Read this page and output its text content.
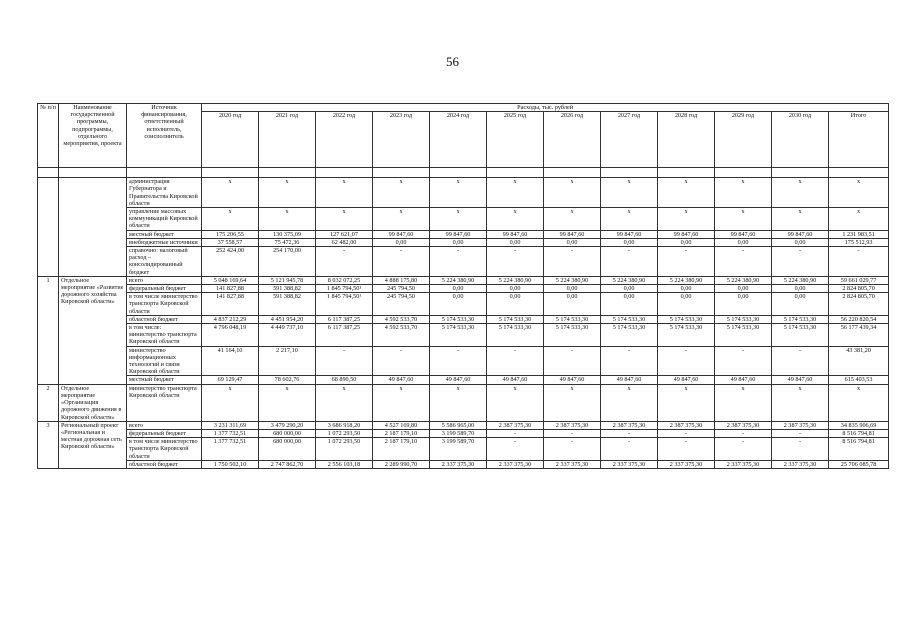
56
№ п/п	Наименование государственной программы, подпрограммы, отдельного мероприятия, проекта	Источник финансирования, ответственный исполнитель, соисполнитель	Расходы, тыс. рублей											
			2020 год	2021 год	2022 год	2023 год	2024 год	2025 год	2026 год	2027 год	2028 год	2029 год	2030 год	Итого

		администрация Губернатора и Правительства Кировской области	x	x	x	x	x	x	x	x	x	x	x	x
		управление массовых коммуникаций Кировской области	x	x	x	x	x	x	x	x	x	x	x	x
		местный бюджет	175 206,55	130 375,09	127 621,07	99 847,60	99 847,60	99 847,60	99 847,60	99 847,60	99 847,60	99 847,60	99 847,60	1 231 983,51
		внебюджетные источники	37 558,57	75 472,36	62 482,00	0,00	0,00	0,00	0,00	0,00	0,00	0,00	0,00	175 512,93
		справочно: налоговый расход – консолидированный бюджет	252 424,00	254 170,00	-	-	-	-	-	-	-	-	-	-
1	Отдельное мероприятие «Развитие дорожного хозяйства Кировской области»	всего	5 048 169,64	5 121 945,78	8 032 072,25	4 888 175,80	5 224 380,90	5 224 380,90	5 224 380,90	5 224 380,90	5 224 380,90	5 224 380,90	5 224 380,90	59 661 029,77
		федеральный бюджет	141 827,88	591 388,82	1 845 794,50¹	245 794,50	0,00	0,00	0,00	0,00	0,00	0,00	0,00	2 824 805,70
		в том числе министерство транспорта Кировской области	141 827,88	591 388,82	1 845 794,50¹	245 794,50	0,00	0,00	0,00	0,00	0,00	0,00	0,00	2 824 805,70
		областной бюджет	4 837 212,29	4 451 954,20	6 117 387,25	4 592 533,70	5 174 533,30	5 174 533,30	5 174 533,30	5 174 533,30	5 174 533,30	5 174 533,30	5 174 533,30	56 220 820,54
		в том числе: министерство транспорта Кировской области	4 796 048,19	4 449 737,10	6 117 387,25	4 592 533,70	5 174 533,30	5 174 533,30	5 174 533,30	5 174 533,30	5 174 533,30	5 174 533,30	5 174 533,30	56 177 439,34
		министерство информационных технологий и связи Кировской области	41 164,10	2 217,10	-	-	-	-	-	-	-	-	-	43 381,20
		местный бюджет	69 129,47	78 602,76	68 890,50	49 847,60	49 847,60	49 847,60	49 847,60	49 847,60	49 847,60	49 847,60	49 847,60	615 403,53
2	Отдельное мероприятие «Организация дорожного движения в Кировской области»	министерство транспорта Кировской области	x	x	x	x	x	x	x	x	x	x	x	x
3	Региональный проект «Региональная и местная дорожная сеть Кировской области»	всего	3 231 311,69	3 479 290,20	3 686 918,20	4 527 169,80	5 586 965,00	2 387 375,30	2 387 375,30	2 387 375,30	2 387 375,30	2 387 375,30	2 387 375,30	34 835 906,69
		федеральный бюджет	1 377 732,51	680 000,00	1 072 293,50	2 187 179,10	3 199 589,70	-	-	-	-	-	-	8 516 794,81
		в том числе министерство транспорта Кировской области	1 377 732,51	680 000,00	1 072 293,50	2 187 179,10	3 199 589,70	-	-	-	-	-	-	8 516 794,81
		областной бюджет	1 750 502,10	2 747 862,70	2 556 103,18	2 289 990,70	2 337 375,30	2 337 375,30	2 337 375,30	2 337 375,30	2 337 375,30	2 337 375,30	2 337 375,30	25 706 085,78
